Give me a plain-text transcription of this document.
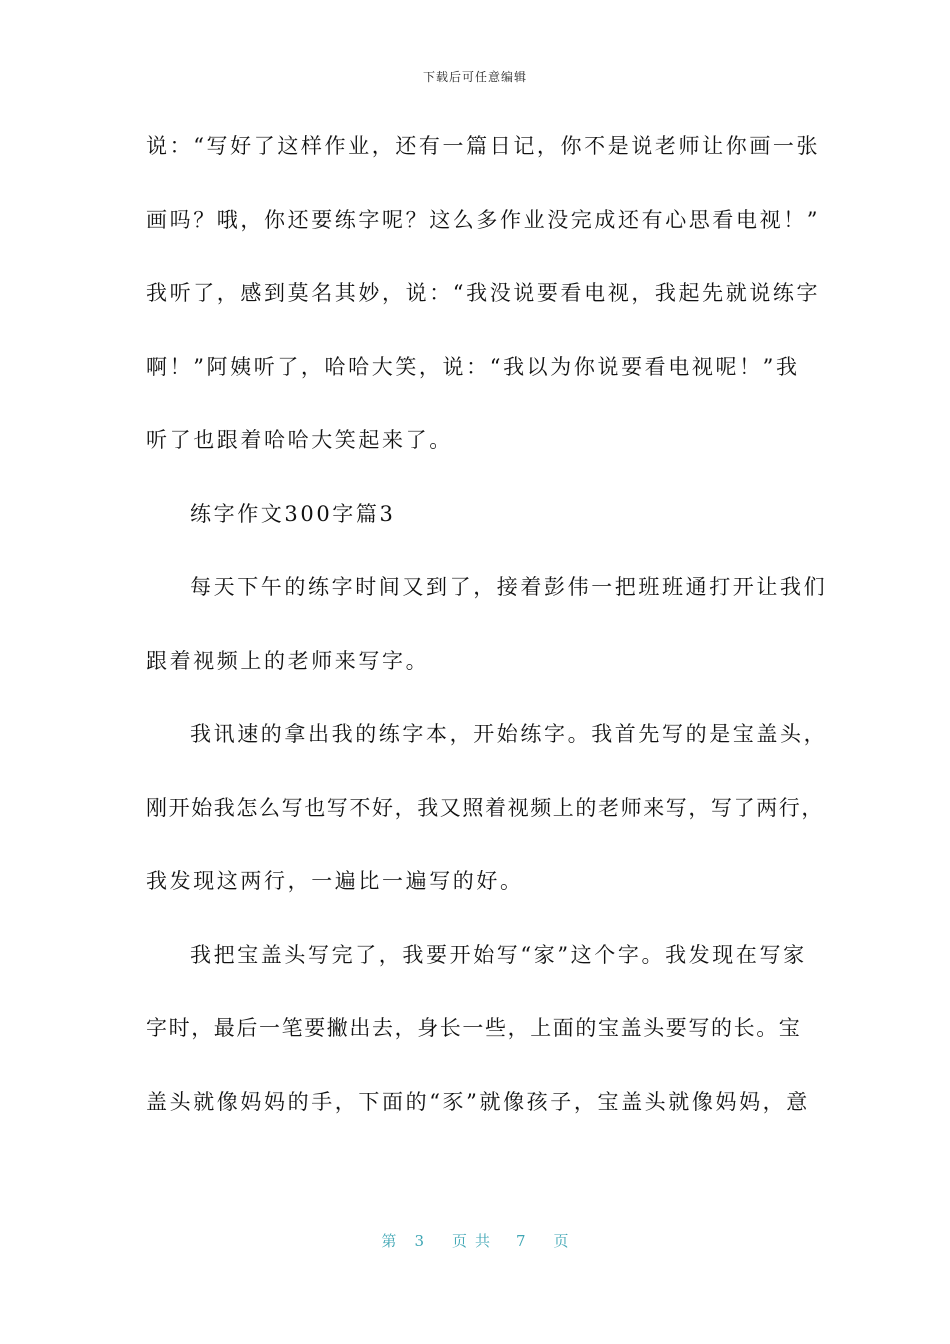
下载后可任意编辑
说：“写好了这样作业，还有一篇日记，你不是说老师让你画一张
画吗？哦，你还要练字呢？这么多作业没完成还有心思看电视！”
我听了，感到莫名其妙，说：“我没说要看电视，我起先就说练字
啊！”阿姨听了，哈哈大笑，说：“我以为你说要看电视呢！”我
听了也跟着哈哈大笑起来了。
练字作文300字篇3
每天下午的练字时间又到了，接着彭伟一把班班通打开让我们
跟着视频上的老师来写字。
我讯速的拿出我的练字本，开始练字。我首先写的是宝盖头，
刚开始我怎么写也写不好，我又照着视频上的老师来写，写了两行，
我发现这两行，一遍比一遍写的好。
我把宝盖头写完了，我要开始写“家”这个字。我发现在写家
字时，最后一笔要撇出去，身长一些，上面的宝盖头要写的长。宝
盖头就像妈妈的手，下面的“豕”就像孩子，宝盖头就像妈妈，意
第 3 页共 7 页
